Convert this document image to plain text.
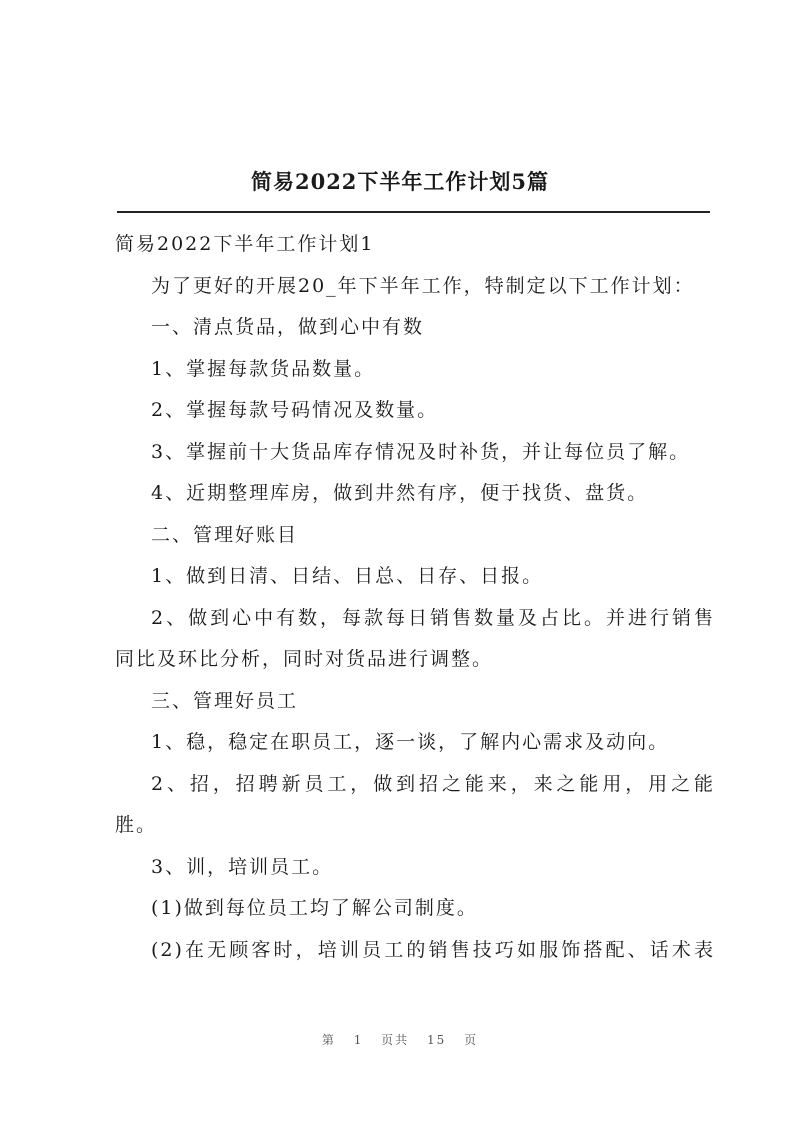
简易2022下半年工作计划5篇
简易2022下半年工作计划1
为了更好的开展20_年下半年工作，特制定以下工作计划：
一、清点货品，做到心中有数
1、掌握每款货品数量。
2、掌握每款号码情况及数量。
3、掌握前十大货品库存情况及时补货，并让每位员了解。
4、近期整理库房，做到井然有序，便于找货、盘货。
二、管理好账目
1、做到日清、日结、日总、日存、日报。
2、做到心中有数，每款每日销售数量及占比。并进行销售
同比及环比分析，同时对货品进行调整。
三、管理好员工
1、稳，稳定在职员工，逐一谈，了解内心需求及动向。
2、招，招聘新员工，做到招之能来，来之能用，用之能
胜。
3、训，培训员工。
(1)做到每位员工均了解公司制度。
(2)在无顾客时，培训员工的销售技巧如服饰搭配、话术表
第 1 页共 15 页
